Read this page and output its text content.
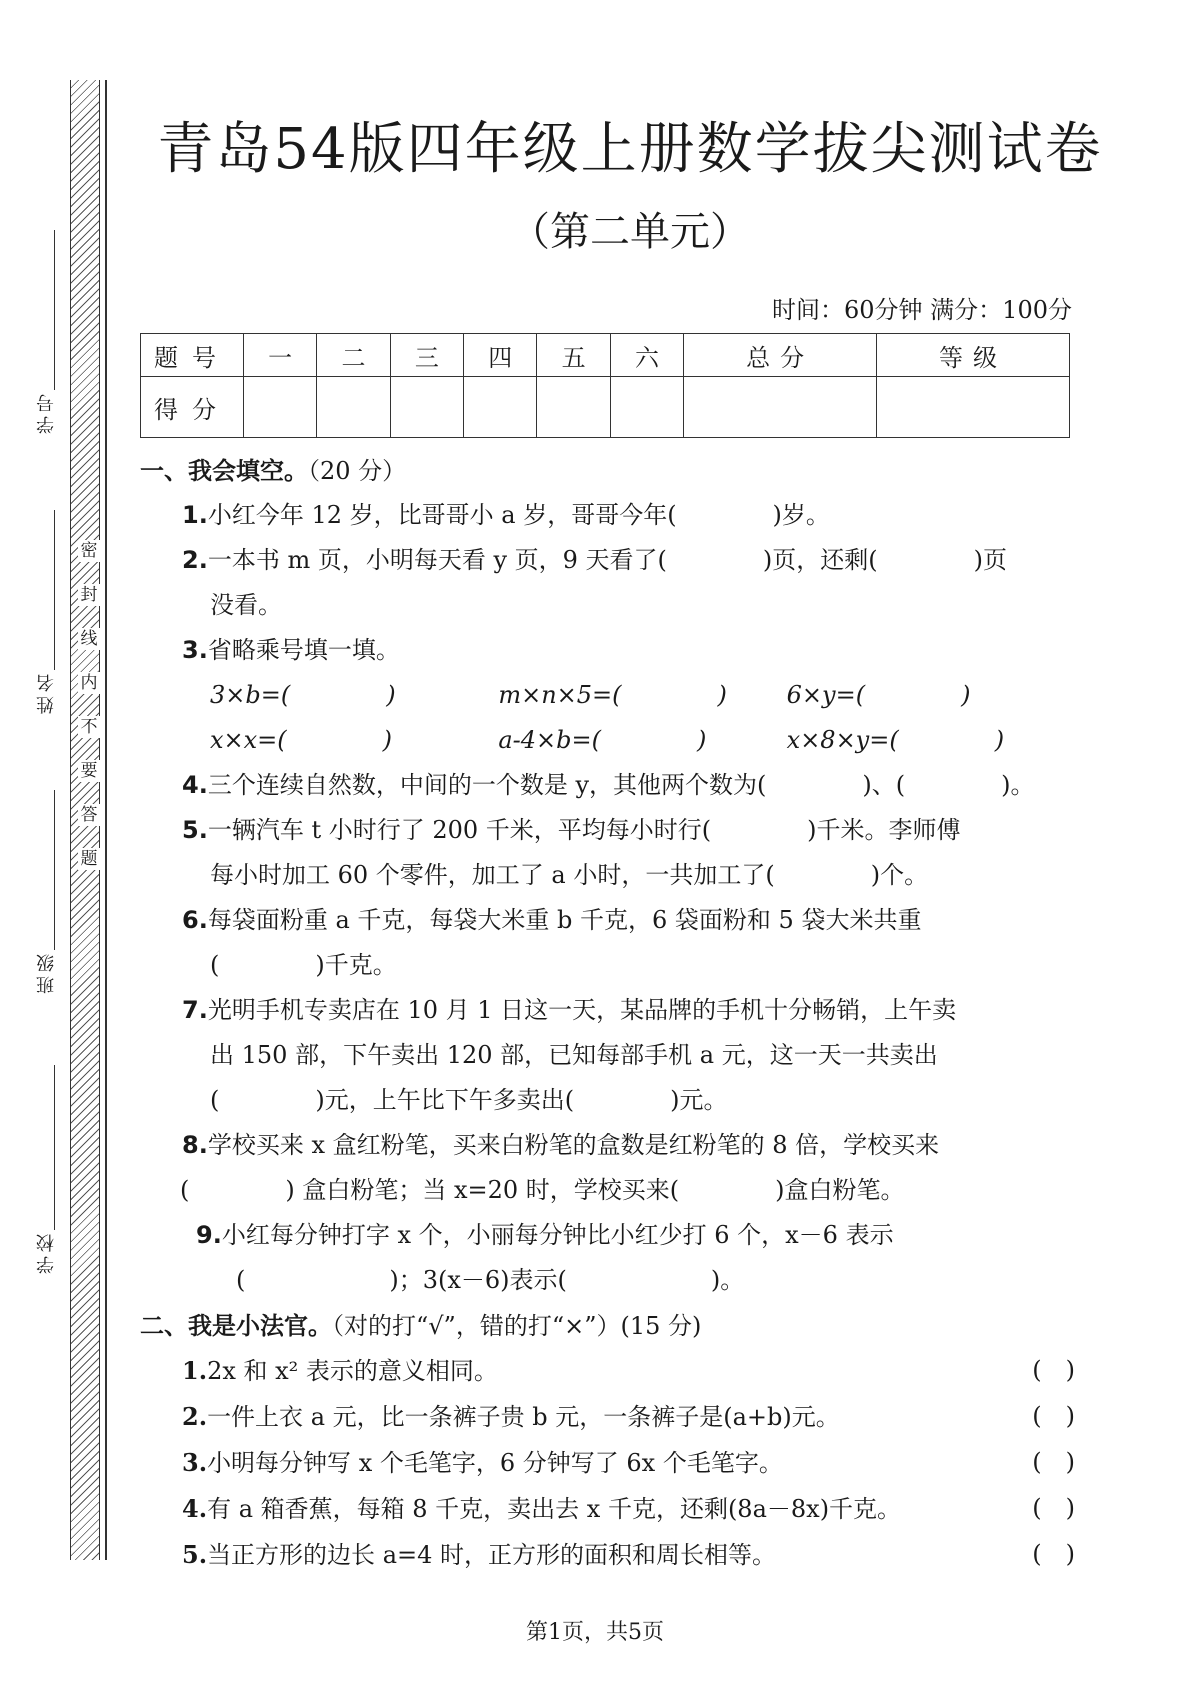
密
封
线
内
不
要
答
题
学号
姓名
班级
学校
青岛54版四年级上册数学拔尖测试卷
（第二单元）
时间：60分钟 满分：100分
题号	一	二	三	四	五	六	总分	等级
得分								

一、我会填空。（20 分）

1.小红今年 12 岁，比哥哥小 a 岁，哥哥今年(　　　　)岁。

2.一本书 m 页，小明每天看 y 页，9 天看了(　　　　)页，还剩(　　　　)页

没看。

3.省略乘号填一填。

3×b=(　　　　)	m×n×5=(　　　　)	6×y=(　　　　)
x×x=(　　　　)	a-4×b=(　　　　)	x×8×y=(　　　　)

4.三个连续自然数，中间的一个数是 y，其他两个数为(　　　　)、(　　　　)。

5.一辆汽车 t 小时行了 200 千米，平均每小时行(　　　　)千米。李师傅

每小时加工 60 个零件，加工了 a 小时，一共加工了(　　　　)个。

6.每袋面粉重 a 千克，每袋大米重 b 千克，6 袋面粉和 5 袋大米共重

(　　　　)千克。

7.光明手机专卖店在 10 月 1 日这一天，某品牌的手机十分畅销，上午卖

出 150 部，下午卖出 120 部，已知每部手机 a 元，这一天一共卖出

(　　　　)元，上午比下午多卖出(　　　　)元。

8.学校买来 x 盒红粉笔，买来白粉笔的盒数是红粉笔的 8 倍，学校买来

(　　　　) 盒白粉笔；当 x=20 时，学校买来(　　　　)盒白粉笔。

9.小红每分钟打字 x 个，小丽每分钟比小红少打 6 个，x－6 表示

(　　　　　　)；3(x－6)表示(　　　　　　)。

二、我是小法官。（对的打“√”，错的打“×”）(15 分)

1.2x 和 x² 表示的意义相同。	(　)
2.一件上衣 a 元，比一条裤子贵 b 元，一条裤子是(a+b)元。	(　)
3.小明每分钟写 x 个毛笔字，6 分钟写了 6x 个毛笔字。	(　)
4.有 a 箱香蕉，每箱 8 千克，卖出去 x 千克，还剩(8a－8x)千克。	(　)
5.当正方形的边长 a=4 时，正方形的面积和周长相等。	(　)
第1页，共5页
